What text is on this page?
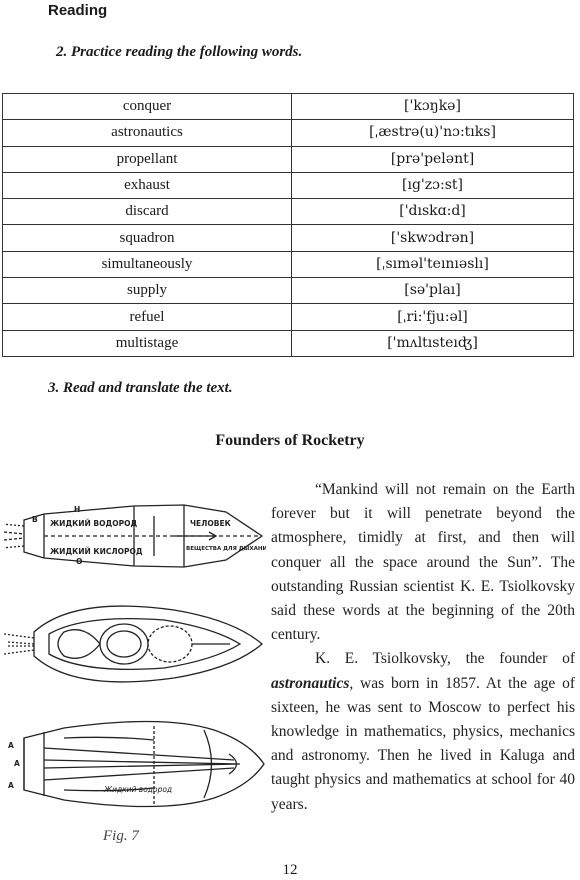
Reading
2. Practice reading the following words.
conquer	['kɔŋkə]
astronautics	[ˌæstrə(u)'nɔ:tıks]
propellant	[prə'pelənt]
exhaust	[ıg'zɔ:st]
discard	['dıskɑ:d]
squadron	['skwɔdrən]
simultaneously	[ˌsıməl'teınıəslı]
supply	[sə'plaı]
refuel	[ˌri:'fju:əl]
multistage	['mʌltısteıʤ]
3. Read and translate the text.
Founders of Rocketry
H
B ЖИДКИЙ ВОДОРОД
ЖИДКИЙ КИСЛОРОД
O
ЧЕЛОВЕК
ВЕЩЕСТВА ДЛЯ ДЫХАНИЯ
A
A
A	Жидкий водород
Fig. 7

“Mankind will not remain on the Earth forever but it will penetrate beyond the atmosphere, timidly at first, and then will conquer all the space around the Sun”. The outstanding Russian scientist K. E. Tsiolkovsky said these words at the beginning of the 20th century.

K. E. Tsiolkovsky, the founder of astronautics, was born in 1857. At the age of sixteen, he was sent to Moscow to perfect his knowledge in mathematics, physics, mechanics and astronomy. Then he lived in Kaluga and taught physics and mathematics at school for 40 years.

12
